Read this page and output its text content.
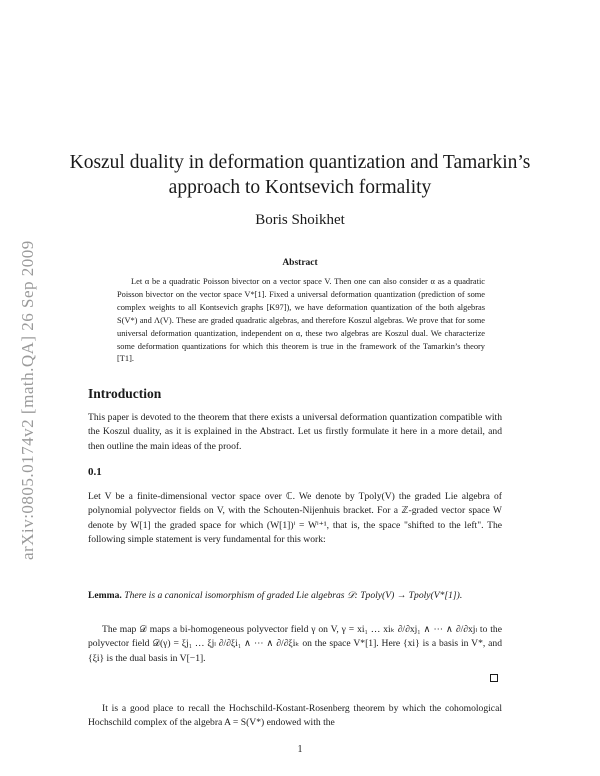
arXiv:0805.0174v2 [math.QA] 26 Sep 2009
Koszul duality in deformation quantization and Tamarkin’s approach to Kontsevich formality
Boris Shoikhet
Abstract
Let α be a quadratic Poisson bivector on a vector space V. Then one can also consider α as a quadratic Poisson bivector on the vector space V*[1]. Fixed a universal deformation quantization (prediction of some complex weights to all Kontsevich graphs [K97]), we have deformation quantization of the both algebras S(V*) and Λ(V). These are graded quadratic algebras, and therefore Koszul algebras. We prove that for some universal deformation quantization, independent on α, these two algebras are Koszul dual. We characterize some deformation quantizations for which this theorem is true in the framework of the Tamarkin’s theory [T1].
Introduction
This paper is devoted to the theorem that there exists a universal deformation quantization compatible with the Koszul duality, as it is explained in the Abstract. Let us firstly formulate it here in a more detail, and then outline the main ideas of the proof.
0.1
Let V be a finite-dimensional vector space over ℂ. We denote by Tpoly(V) the graded Lie algebra of polynomial polyvector fields on V, with the Schouten-Nijenhuis bracket. For a ℤ-graded vector space W denote by W[1] the graded space for which (W[1])ⁱ = Wⁱ⁺¹, that is, the space "shifted to the left". The following simple statement is very fundamental for this work:
Lemma. There is a canonical isomorphism of graded Lie algebras 𝒟: Tpoly(V) → Tpoly(V*[1]).
The map 𝒟 maps a bi-homogeneous polyvector field γ on V, γ = xi₁ … xiₖ ∂/∂xj₁ ∧ ⋯ ∧ ∂/∂xjₗ to the polyvector field 𝒟(γ) = ξj₁ … ξjₗ ∂/∂ξi₁ ∧ ⋯ ∧ ∂/∂ξiₖ on the space V*[1]. Here {xi} is a basis in V*, and {ξi} is the dual basis in V[−1].
It is a good place to recall the Hochschild-Kostant-Rosenberg theorem by which the cohomological Hochschild complex of the algebra A = S(V*) endowed with the
1
